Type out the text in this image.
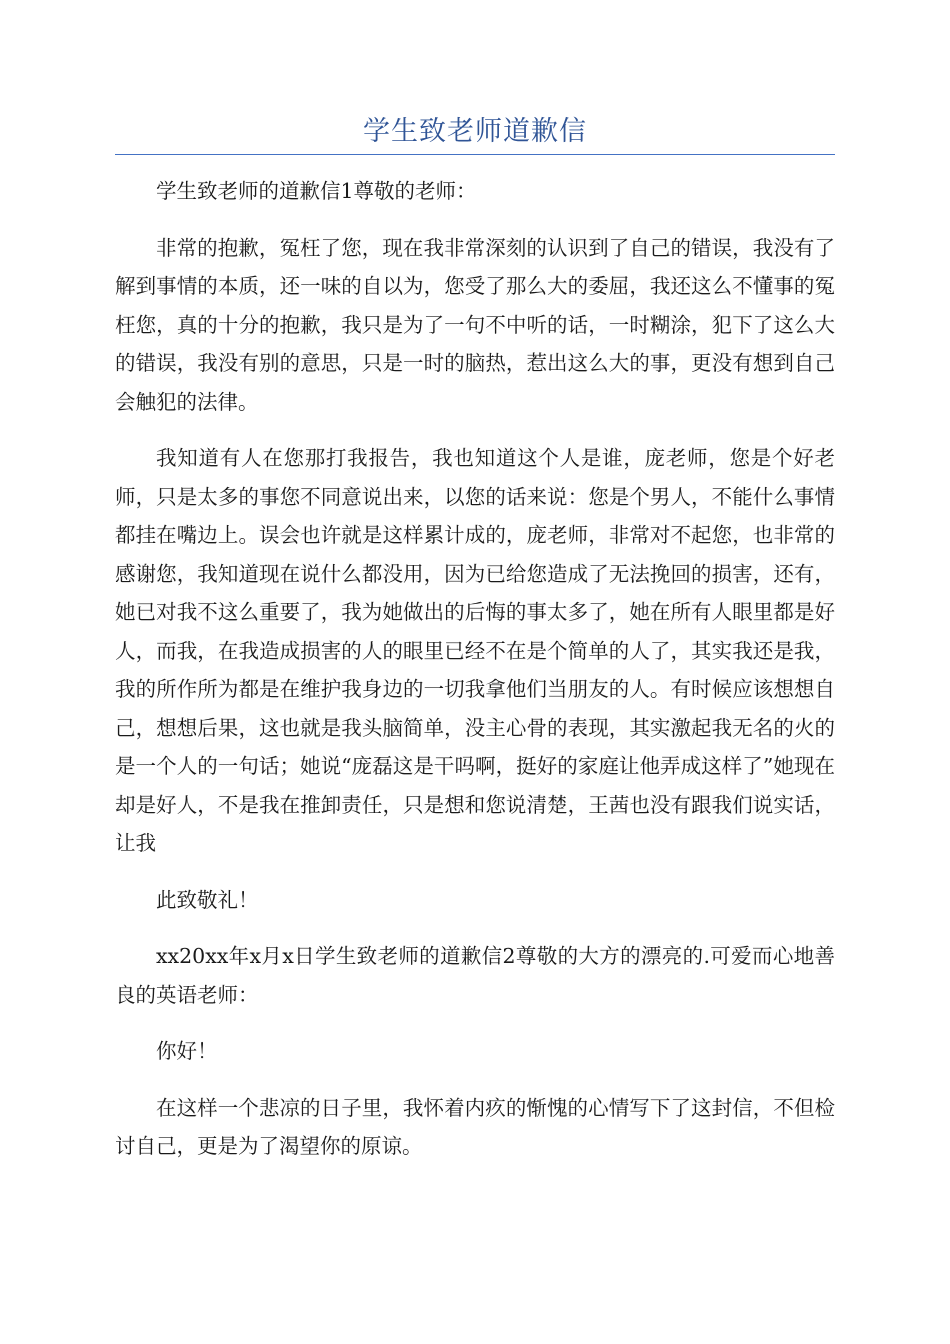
学生致老师道歉信

学生致老师的道歉信1尊敬的老师：

非常的抱歉，冤枉了您，现在我非常深刻的认识到了自己的错误，我没有了解到事情的本质，还一味的自以为，您受了那么大的委屈，我还这么不懂事的冤枉您，真的十分的抱歉，我只是为了一句不中听的话，一时糊涂，犯下了这么大的错误，我没有别的意思，只是一时的脑热，惹出这么大的事，更没有想到自己会触犯的法律。

我知道有人在您那打我报告，我也知道这个人是谁，庞老师，您是个好老师，只是太多的事您不同意说出来，以您的话来说：您是个男人，不能什么事情都挂在嘴边上。误会也许就是这样累计成的，庞老师，非常对不起您，也非常的感谢您，我知道现在说什么都没用，因为已给您造成了无法挽回的损害，还有，她已对我不这么重要了，我为她做出的后悔的事太多了，她在所有人眼里都是好人，而我，在我造成损害的人的眼里已经不在是个简单的人了，其实我还是我，我的所作所为都是在维护我身边的一切我拿他们当朋友的人。有时候应该想想自己，想想后果，这也就是我头脑简单，没主心骨的表现，其实激起我无名的火的是一个人的一句话；她说“庞磊这是干吗啊，挺好的家庭让他弄成这样了”她现在却是好人，不是我在推卸责任，只是想和您说清楚，王茜也没有跟我们说实话，让我

此致敬礼！

xx20xx年x月x日学生致老师的道歉信2尊敬的大方的漂亮的.可爱而心地善良的英语老师：

你好！

在这样一个悲凉的日子里，我怀着内疚的惭愧的心情写下了这封信，不但检讨自己，更是为了渴望你的原谅。
